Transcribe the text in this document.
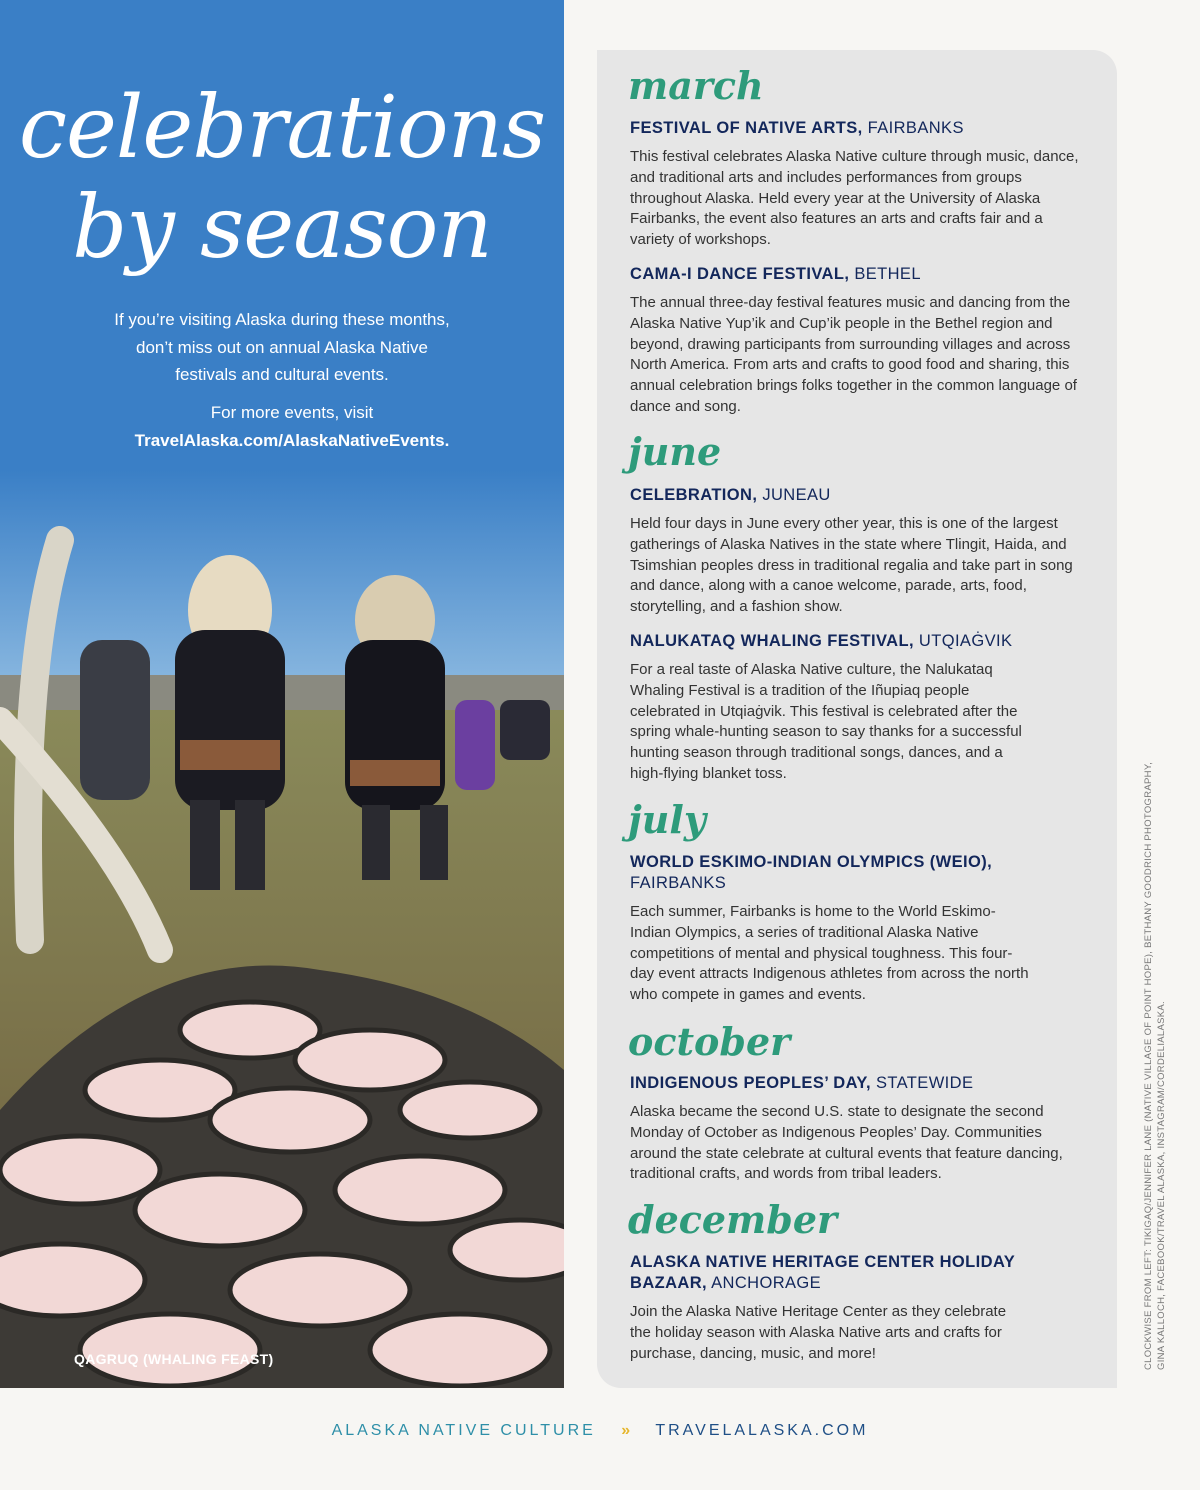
celebrations
by season
If you’re visiting Alaska during these months, don’t miss out on annual Alaska Native festivals and cultural events.
For more events, visit
TravelAlaska.com/AlaskaNativeEvents.
QAGRUQ (WHALING FEAST)
march
FESTIVAL OF NATIVE ARTS, FAIRBANKS
This festival celebrates Alaska Native culture through music, dance, and traditional arts and includes performances from groups throughout Alaska. Held every year at the University of Alaska Fairbanks, the event also features an arts and crafts fair and a variety of workshops.
CAMA-I DANCE FESTIVAL, BETHEL
The annual three-day festival features music and dancing from the Alaska Native Yup’ik and Cup’ik people in the Bethel region and beyond, drawing participants from surrounding villages and across North America. From arts and crafts to good food and sharing, this annual celebration brings folks together in the common language of dance and song.
june
CELEBRATION, JUNEAU
Held four days in June every other year, this is one of the largest gatherings of Alaska Natives in the state where Tlingit, Haida, and Tsimshian peoples dress in traditional regalia and take part in song and dance, along with a canoe welcome, parade, arts, food, storytelling, and a fashion show.
NALUKATAQ WHALING FESTIVAL, UTQIAĠVIK
For a real taste of Alaska Native culture, the Nalukataq Whaling Festival is a tradition of the Iñupiaq people celebrated in Utqiaġvik. This festival is celebrated after the spring whale-hunting season to say thanks for a successful hunting season through traditional songs, dances, and a high-flying blanket toss.
july
WORLD ESKIMO-INDIAN OLYMPICS (WEIO), FAIRBANKS
Each summer, Fairbanks is home to the World Eskimo-Indian Olympics, a series of traditional Alaska Native competitions of mental and physical toughness. This four-day event attracts Indigenous athletes from across the north who compete in games and events.
october
INDIGENOUS PEOPLES’ DAY, STATEWIDE
Alaska became the second U.S. state to designate the second Monday of October as Indigenous Peoples’ Day. Communities around the state celebrate at cultural events that feature dancing, traditional crafts, and words from tribal leaders.
december
ALASKA NATIVE HERITAGE CENTER HOLIDAY BAZAAR, ANCHORAGE
Join the Alaska Native Heritage Center as they celebrate the holiday season with Alaska Native arts and crafts for purchase, dancing, music, and more!	CLOCKWISE FROM LEFT: TIKIGAQ/JENNIFER LANE (NATIVE VILLAGE OF POINT HOPE), BETHANY GOODRICH PHOTOGRAPHY, GINA KALLOCH, FACEBOOK/TRAVEL ALASKA, INSTAGRAM/CORDELIALASKA.
ALASKA NATIVE CULTURE » TRAVELALASKA.COM
